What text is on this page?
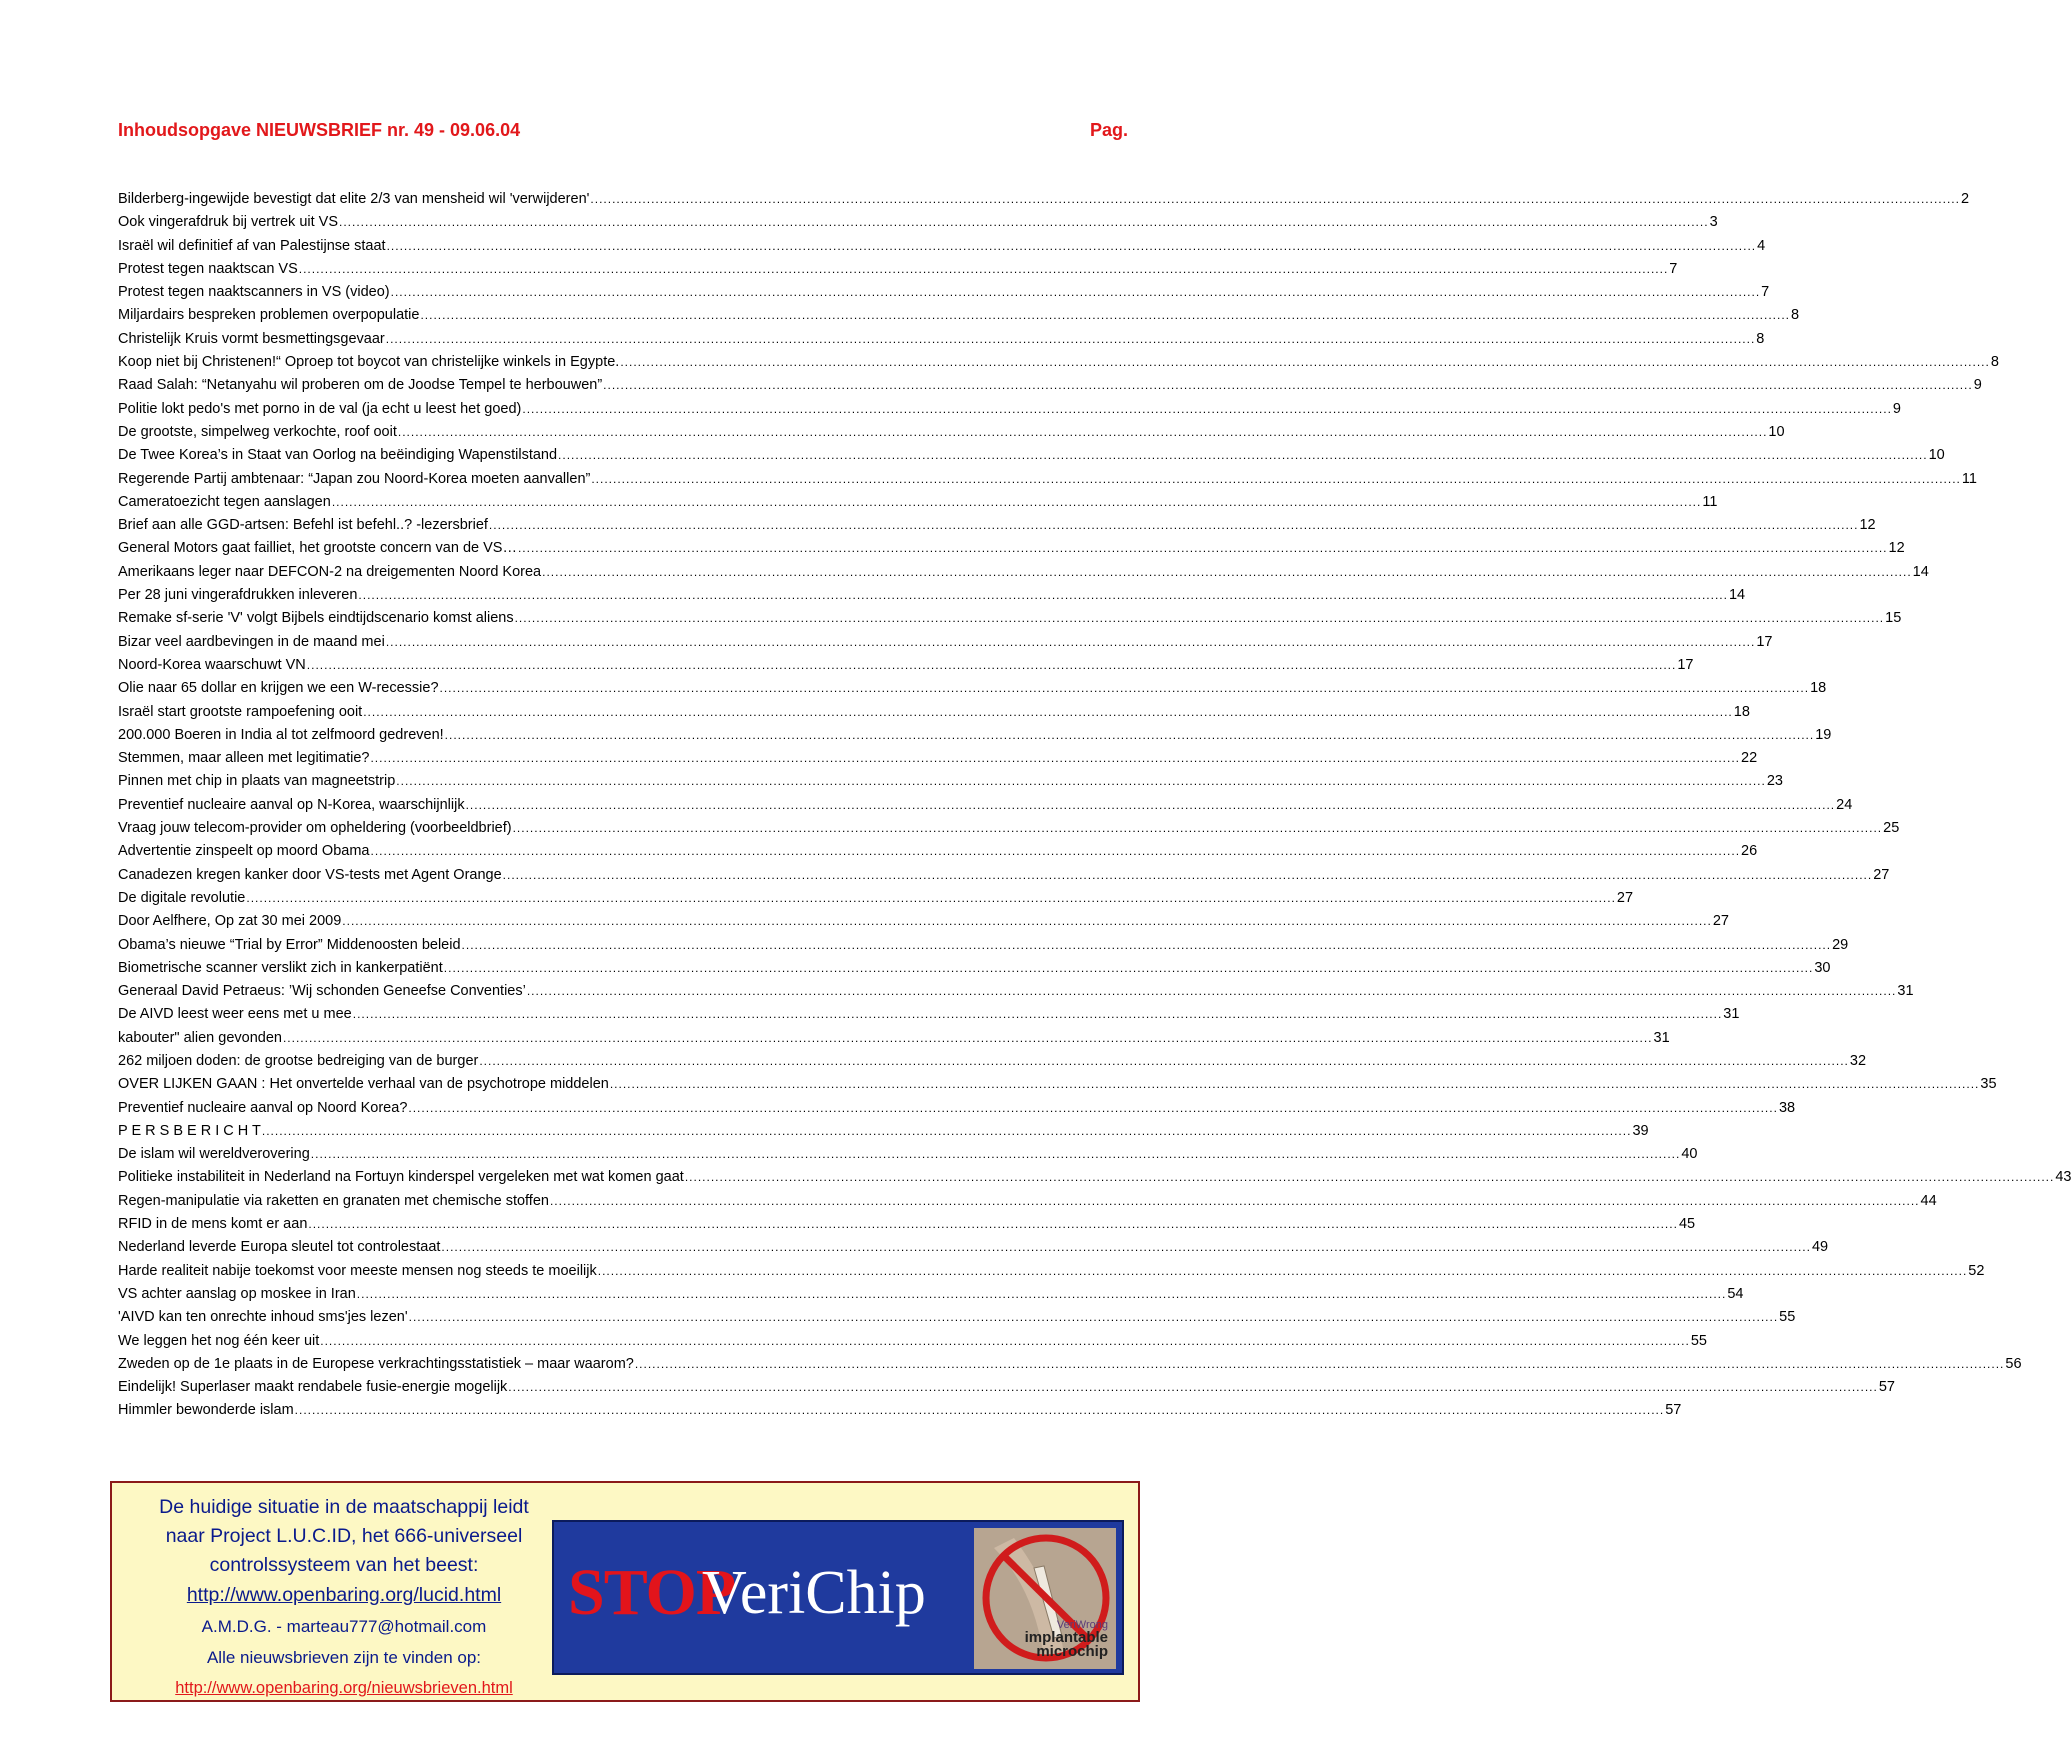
Inhoudsopgave NIEUWSBRIEF nr. 49 - 09.06.04	Pag.
Bilderberg-ingewijde bevestigt dat elite 2/3 van mensheid wil 'verwijderen' .....	2
Ook vingerafdruk bij vertrek uit VS .....	3
Israël wil definitief af van Palestijnse staat .....	4
Protest tegen naaktscan VS .....	7
Protest tegen naaktscanners in VS (video) .....	7
Miljardairs bespreken problemen overpopulatie .....	8
Christelijk Kruis vormt besmettingsgevaar .....	8
Koop niet bij Christenen!“ Oproep tot boycot van christelijke winkels in Egypte. .....	8
Raad Salah: “Netanyahu wil proberen om de Joodse Tempel te herbouwen” .....	9
Politie lokt pedo's met porno in de val (ja echt u leest het goed) .....	9
De grootste, simpelweg verkochte, roof ooit .....	10
De Twee Korea’s in Staat van Oorlog na beëindiging Wapenstilstand .....	10
Regerende Partij ambtenaar: “Japan zou Noord-Korea moeten aanvallen” .....	11
Cameratoezicht tegen aanslagen .....	11
Brief aan alle GGD-artsen: Befehl ist befehl..? -lezersbrief .....	12
General Motors gaat failliet, het grootste concern van de VS… .....	12
Amerikaans leger naar DEFCON-2 na dreigementen Noord Korea .....	14
Per 28 juni vingerafdrukken inleveren .....	14
Remake sf-serie 'V' volgt Bijbels eindtijdscenario komst aliens .....	15
Bizar veel aardbevingen in de maand mei .....	17
Noord-Korea waarschuwt VN .....	17
Olie naar 65 dollar en krijgen we een W-recessie? .....	18
Israël start grootste rampoefening ooit .....	18
200.000 Boeren in India al tot zelfmoord gedreven! .....	19
Stemmen, maar alleen met legitimatie? .....	22
Pinnen met chip in plaats van magneetstrip .....	23
Preventief nucleaire aanval op N-Korea, waarschijnlijk .....	24
Vraag jouw telecom-provider om opheldering (voorbeeldbrief) .....	25
Advertentie zinspeelt op moord Obama .....	26
Canadezen kregen kanker door VS-tests met Agent Orange .....	27
De digitale revolutie .....	27
Door Aelfhere, Op zat 30 mei 2009 .....	27
Obama’s nieuwe “Trial by Error” Middenoosten beleid .....	29
Biometrische scanner verslikt zich in kankerpatiënt .....	30
Generaal David Petraeus: ’Wij schonden Geneefse Conventies’ .....	31
De AIVD leest weer eens met u mee .....	31
kabouter" alien gevonden .....	31
262 miljoen doden: de grootse bedreiging van de burger .....	32
OVER LIJKEN GAAN : Het onvertelde verhaal van de psychotrope middelen .....	35
Preventief nucleaire aanval op Noord Korea? .....	38
P E R S B E R I C H T .....	39
De islam wil wereldverovering .....	40
Politieke instabiliteit in Nederland na Fortuyn kinderspel vergeleken met wat komen gaat .....	43
Regen-manipulatie via raketten en granaten met chemische stoffen .....	44
RFID in de mens komt er aan .....	45
Nederland leverde Europa sleutel tot controlestaat .....	49
Harde realiteit nabije toekomst voor meeste mensen nog steeds te moeilijk .....	52
VS achter aanslag op moskee in Iran .....	54
'AIVD kan ten onrechte inhoud sms'jes lezen' .....	55
We leggen het nog één keer uit .....	55
Zweden op de 1e plaats in de Europese verkrachtingsstatistiek – maar waarom? .....	56
Eindelijk! Superlaser maakt rendabele fusie-energie mogelijk .....	57
Himmler bewonderde islam .....	57
De huidige situatie in de maatschappij leidt
naar Project L.U.C.ID, het 666-universeel
controlssysteem van het beest:
http://www.openbaring.org/lucid.html
A.M.D.G. - marteau777@hotmail.com
Alle nieuwsbrieven zijn te vinden op:
http://www.openbaring.org/nieuwsbrieven.html
STOP
VeriChip	VeriWrong
implantable
microchip
